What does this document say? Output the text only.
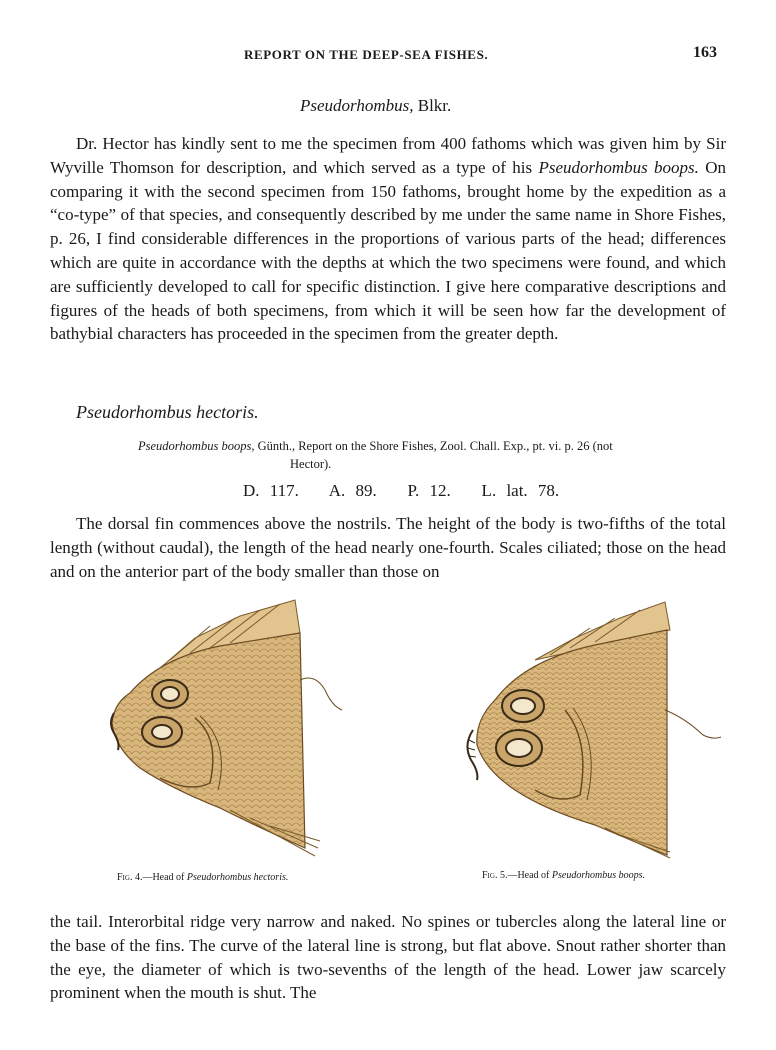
REPORT ON THE DEEP-SEA FISHES.	163
Pseudorhombus, Blkr.

Dr. Hector has kindly sent to me the specimen from 400 fathoms which was given him by Sir Wyville Thomson for description, and which served as a type of his Pseudorhombus boops. On comparing it with the second specimen from 150 fathoms, brought home by the expedition as a “co-type” of that species, and consequently described by me under the same name in Shore Fishes, p. 26, I find considerable differences in the proportions of various parts of the head; differences which are quite in accordance with the depths at which the two specimens were found, and which are sufficiently developed to call for specific distinction. I give here comparative descriptions and figures of the heads of both specimens, from which it will be seen how far the development of bathybial characters has proceeded in the specimen from the greater depth.

Pseudorhombus hectoris.
Pseudorhombus boops, Günth., Report on the Shore Fishes, Zool. Chall. Exp., pt. vi. p. 26 (not
Hector).
D. 117.   A. 89.   P. 12.   L. lat. 78.

The dorsal fin commences above the nostrils. The height of the body is two-fifths of the total length (without caudal), the length of the head nearly one-fourth. Scales ciliated; those on the head and on the anterior part of the body smaller than those on

Fig. 4.—Head of Pseudorhombus hectoris.	Fig. 5.—Head of Pseudorhombus boops.

the tail. Interorbital ridge very narrow and naked. No spines or tubercles along the lateral line or the base of the fins. The curve of the lateral line is strong, but flat above. Snout rather shorter than the eye, the diameter of which is two-sevenths of the length of the head. Lower jaw scarcely prominent when the mouth is shut. The
